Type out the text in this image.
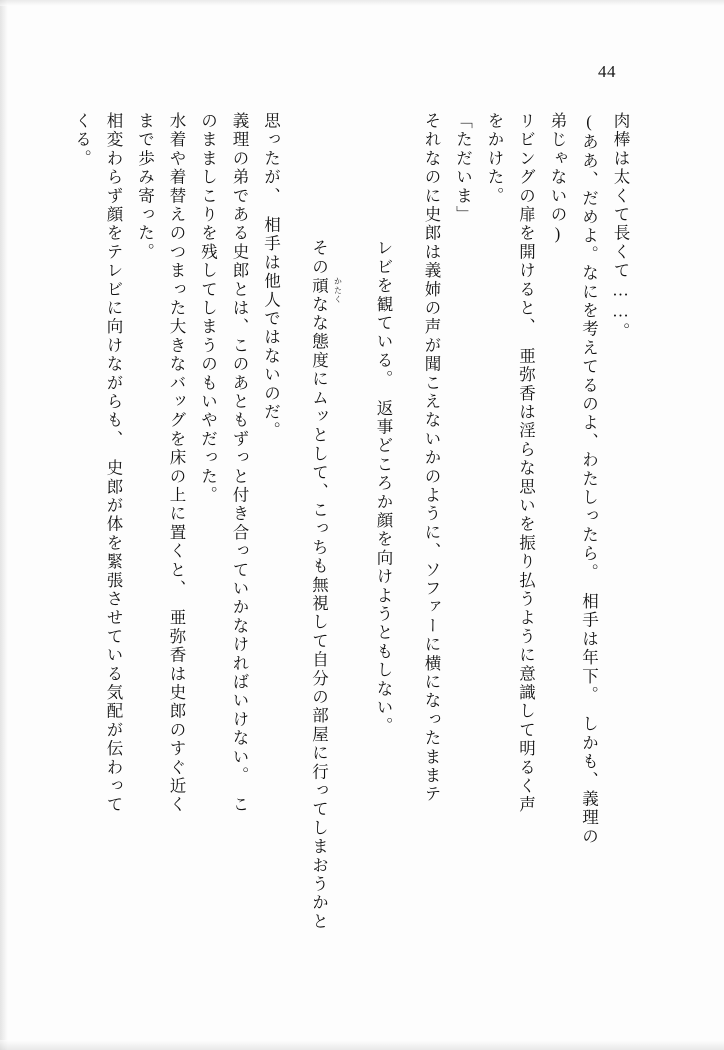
44
肉棒は太くて長くて……。
(ああ、だめよ。なにを考えてるのよ、わたしったら。　相手は年下。　しかも、義理の
弟じゃないの)
リビングの扉を開けると、　亜弥香は淫らな思いを振り払うように意識して明るく声
をかけた。
「ただいま」
それなのに史郎は義姉の声が聞こえないかのように、ソファーに横になったままテ

レビを観ている。　返事どころか顔を向けようともしない。

その頑 かたく
なな態度にムッとして、こっちも無視して自分の部屋に行ってしまおうかと

思ったが、　相手は他人ではないのだ。
義理の弟である史郎とは、このあともずっと付き合っていかなければいけない。　こ
のまましこりを残してしまうのもいやだった。
水着や着替えのつまった大きなバッグを床の上に置くと、　亜弥香は史郎のすぐ近く
まで歩み寄った。
相変わらず顔をテレビに向けながらも、　史郎が体を緊張させている気配が伝わって
くる。
